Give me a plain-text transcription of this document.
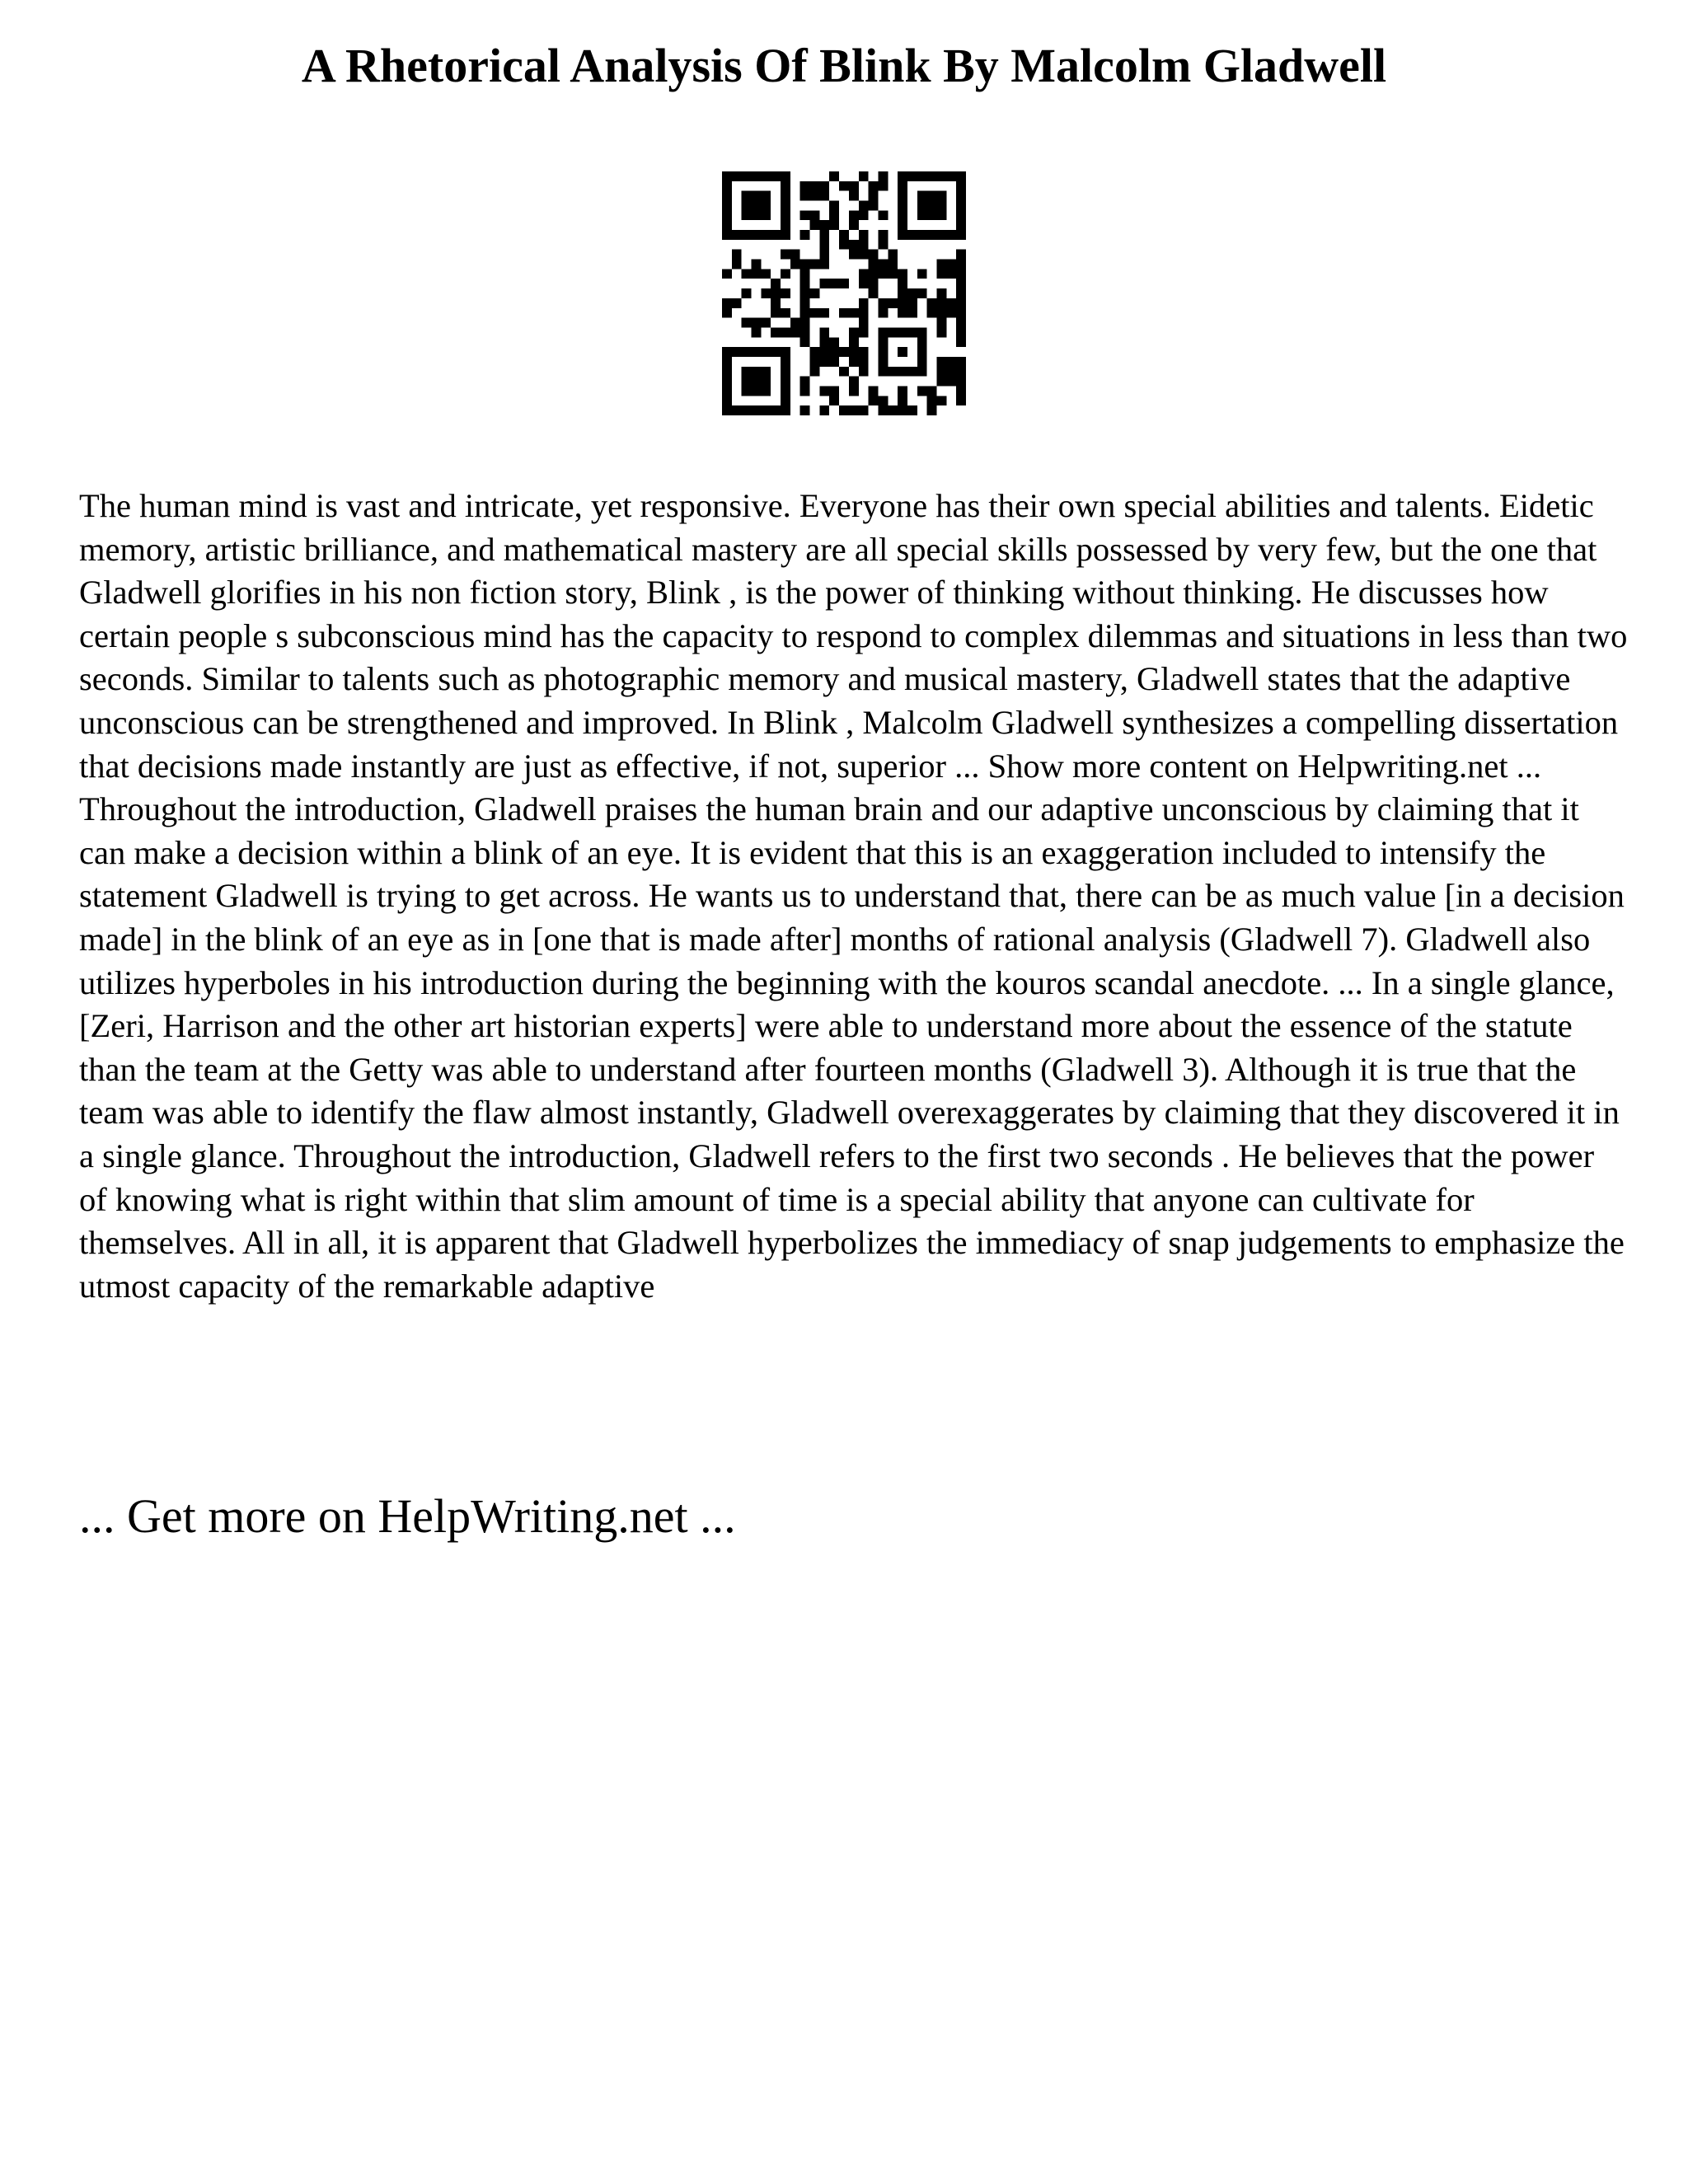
A Rhetorical Analysis Of Blink By Malcolm Gladwell

The human mind is vast and intricate, yet responsive. Everyone has their own special abilities and talents. Eidetic memory, artistic brilliance, and mathematical mastery are all special skills possessed by very few, but the one that Gladwell glorifies in his non fiction story, Blink , is the power of thinking without thinking. He discusses how certain people s subconscious mind has the capacity to respond to complex dilemmas and situations in less than two seconds. Similar to talents such as photographic memory and musical mastery, Gladwell states that the adaptive unconscious can be strengthened and improved. In Blink , Malcolm Gladwell synthesizes a compelling dissertation that decisions made instantly are just as effective, if not, superior ... Show more content on Helpwriting.net ...

Throughout the introduction, Gladwell praises the human brain and our adaptive unconscious by claiming that it can make a decision within a blink of an eye. It is evident that this is an exaggeration included to intensify the statement Gladwell is trying to get across. He wants us to understand that, there can be as much value [in a decision made] in the blink of an eye as in [one that is made after] months of rational analysis (Gladwell 7). Gladwell also utilizes hyperboles in his introduction during the beginning with the kouros scandal anecdote. ... In a single glance, [Zeri, Harrison and the other art historian experts] were able to understand more about the essence of the statute than the team at the Getty was able to understand after fourteen months (Gladwell 3). Although it is true that the team was able to identify the flaw almost instantly, Gladwell overexaggerates by claiming that they discovered it in a single glance. Throughout the introduction, Gladwell refers to the first two seconds . He believes that the power of knowing what is right within that slim amount of time is a special ability that anyone can cultivate for themselves. All in all, it is apparent that Gladwell hyperbolizes the immediacy of snap judgements to emphasize the utmost capacity of the remarkable adaptive

... Get more on HelpWriting.net ...
